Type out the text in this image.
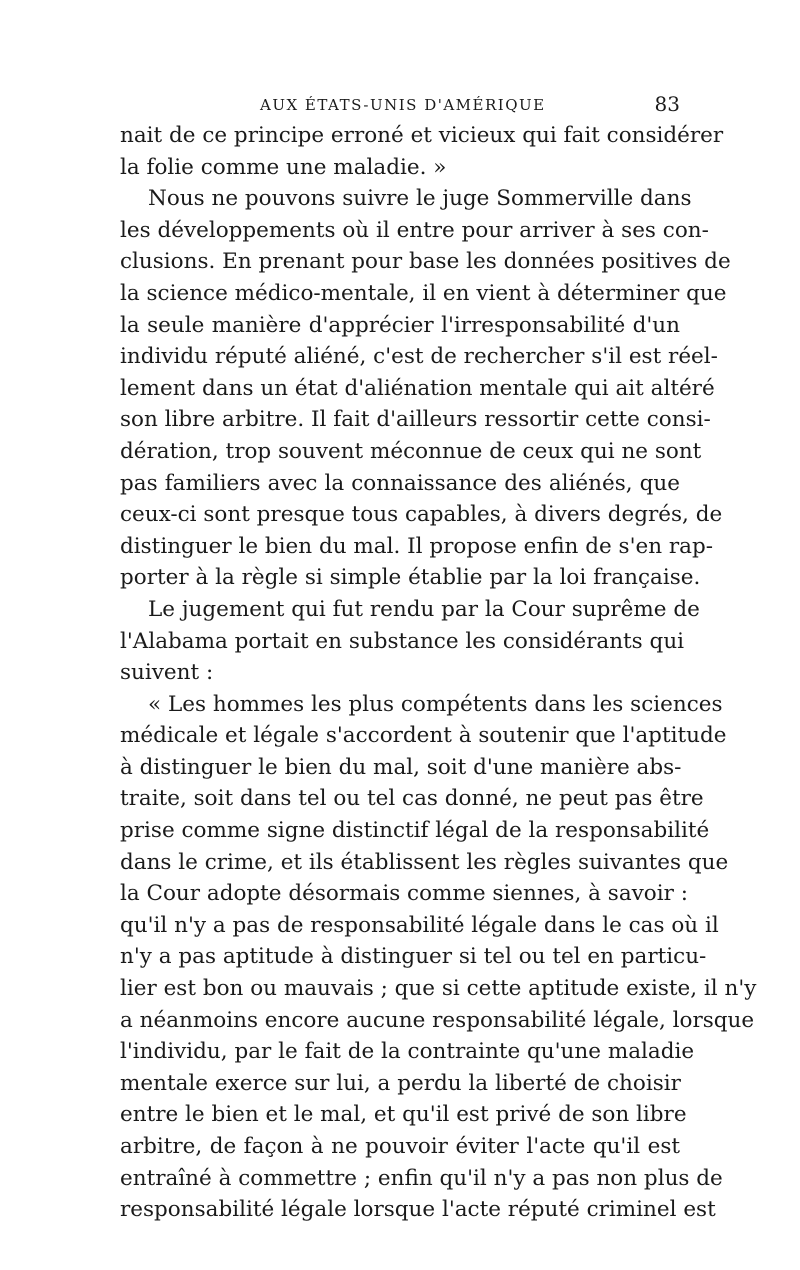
AUX ÉTATS-UNIS D'AMÉRIQUE	83
nait de ce principe erroné et vicieux qui fait considérer
la folie comme une maladie. »
Nous ne pouvons suivre le juge Sommerville dans
les développements où il entre pour arriver à ses con-
clusions. En prenant pour base les données positives de
la science médico-mentale, il en vient à déterminer que
la seule manière d'apprécier l'irresponsabilité d'un
individu réputé aliéné, c'est de rechercher s'il est réel-
lement dans un état d'aliénation mentale qui ait altéré
son libre arbitre. Il fait d'ailleurs ressortir cette consi-
dération, trop souvent méconnue de ceux qui ne sont
pas familiers avec la connaissance des aliénés, que
ceux-ci sont presque tous capables, à divers degrés, de
distinguer le bien du mal. Il propose enfin de s'en rap-
porter à la règle si simple établie par la loi française.
Le jugement qui fut rendu par la Cour suprême de
l'Alabama portait en substance les considérants qui
suivent :
« Les hommes les plus compétents dans les sciences
médicale et légale s'accordent à soutenir que l'aptitude
à distinguer le bien du mal, soit d'une manière abs-
traite, soit dans tel ou tel cas donné, ne peut pas être
prise comme signe distinctif légal de la responsabilité
dans le crime, et ils établissent les règles suivantes que
la Cour adopte désormais comme siennes, à savoir :
qu'il n'y a pas de responsabilité légale dans le cas où il
n'y a pas aptitude à distinguer si tel ou tel en particu-
lier est bon ou mauvais ; que si cette aptitude existe, il n'y
a néanmoins encore aucune responsabilité légale, lorsque
l'individu, par le fait de la contrainte qu'une maladie
mentale exerce sur lui, a perdu la liberté de choisir
entre le bien et le mal, et qu'il est privé de son libre
arbitre, de façon à ne pouvoir éviter l'acte qu'il est
entraîné à commettre ; enfin qu'il n'y a pas non plus de
responsabilité légale lorsque l'acte réputé criminel est
